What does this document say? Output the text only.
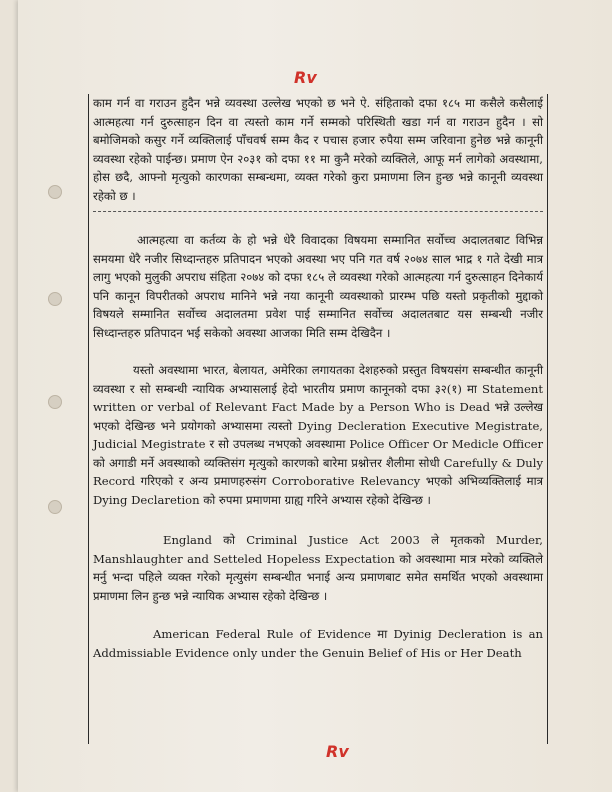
Rv

काम गर्न वा गराउन हुदैन भन्ने व्यवस्था उल्लेख भएको छ भने ऐ. संहिताको दफा १८५ मा कसैले कसैलाई आत्महत्या गर्न दुरुत्साहन दिन वा त्यस्तो काम गर्ने सम्मको परिस्थिती खडा गर्न वा गराउन हुदैन । सो बमोजिमको कसुर गर्ने व्यक्तिलाई पाँचवर्ष सम्म कैद र पचास हजार रुपैया सम्म जरिवाना हुनेछ भन्ने कानूनी व्यवस्था रहेको पाईन्छ। प्रमाण ऐन २०३१ को दफा ११ मा कुनै मरेको व्यक्तिले, आफू मर्न लागेको अवस्थामा, होस छदै, आफ्नो मृत्युको कारणका सम्बन्धमा, व्यक्त गरेको कुरा प्रमाणमा लिन हुन्छ भन्ने कानूनी व्यवस्था रहेको छ ।

आत्महत्या वा कर्तव्य के हो भन्ने धेरै विवादका विषयमा सम्मानित सर्वोच्च अदालतबाट विभिन्न समयमा धेरै नजीर सिध्दान्तहरु प्रतिपादन भएको अवस्था भए पनि गत वर्ष २०७४ साल भाद्र १ गते देखी मात्र लागु भएको मुलुकी अपराध संहिता २०७४ को दफा १८५ ले व्यवस्था गरेको आत्महत्या गर्न दुरुत्साहन दिनेकार्य पनि कानून विपरीतको अपराध मानिने भन्ने नया कानूनी व्यवस्थाको प्रारम्भ पछि यस्तो प्रकृतीको मुद्दाको विषयले सम्मानित सर्वोच्च अदालतमा प्रवेश पाई सम्मानित सर्वोच्च अदालतबाट यस सम्बन्धी नजीर सिध्दान्तहरु प्रतिपादन भई सकेको अवस्था आजका मिति सम्म देखिदैन ।

यस्तो अवस्थामा भारत, बेलायत, अमेरिका लगायतका देशहरुको प्रस्तुत विषयसंग सम्बन्धीत कानूनी व्यवस्था र सो सम्बन्धी न्यायिक अभ्यासलाई हेदो भारतीय प्रमाण कानूनको दफा ३२(१) मा Statement written or verbal of Relevant Fact Made by a Person Who is Dead भन्ने उल्लेख भएको देखिन्छ भने प्रयोगको अभ्यासमा त्यस्तो Dying Decleration Executive Megistrate, Judicial Megistrate र सो उपलब्ध नभएको अवस्थामा Police Officer Or Medicle Officer को अगाडी मर्ने अवस्थाको व्यक्तिसंग मृत्युको कारणको बारेमा प्रश्नोत्तर शैलीमा सोधी Carefully & Duly Record गरिएको र अन्य प्रमाणहरुसंग Corroborative Relevancy भएको अभिव्यक्तिलाई मात्र Dying Declaretion को रुपमा प्रमाणमा ग्राह्य गरिने अभ्यास रहेको देखिन्छ ।

England को Criminal Justice Act 2003 ले मृतकको Murder, Manshlaughter and Setteled Hopeless Expectation को अवस्थामा मात्र मरेको व्यक्तिले मर्नु भन्दा पहिले व्यक्त गरेको मृत्युसंग सम्बन्धीत भनाई अन्य प्रमाणबाट समेत समर्थित भएको अवस्थामा प्रमाणमा लिन हुन्छ भन्ने न्यायिक अभ्यास रहेको देखिन्छ ।

American Federal Rule of Evidence मा Dyinig Decleration is an Addmissiable Evidence only under the Genuin Belief of His or Her Death

Rv
